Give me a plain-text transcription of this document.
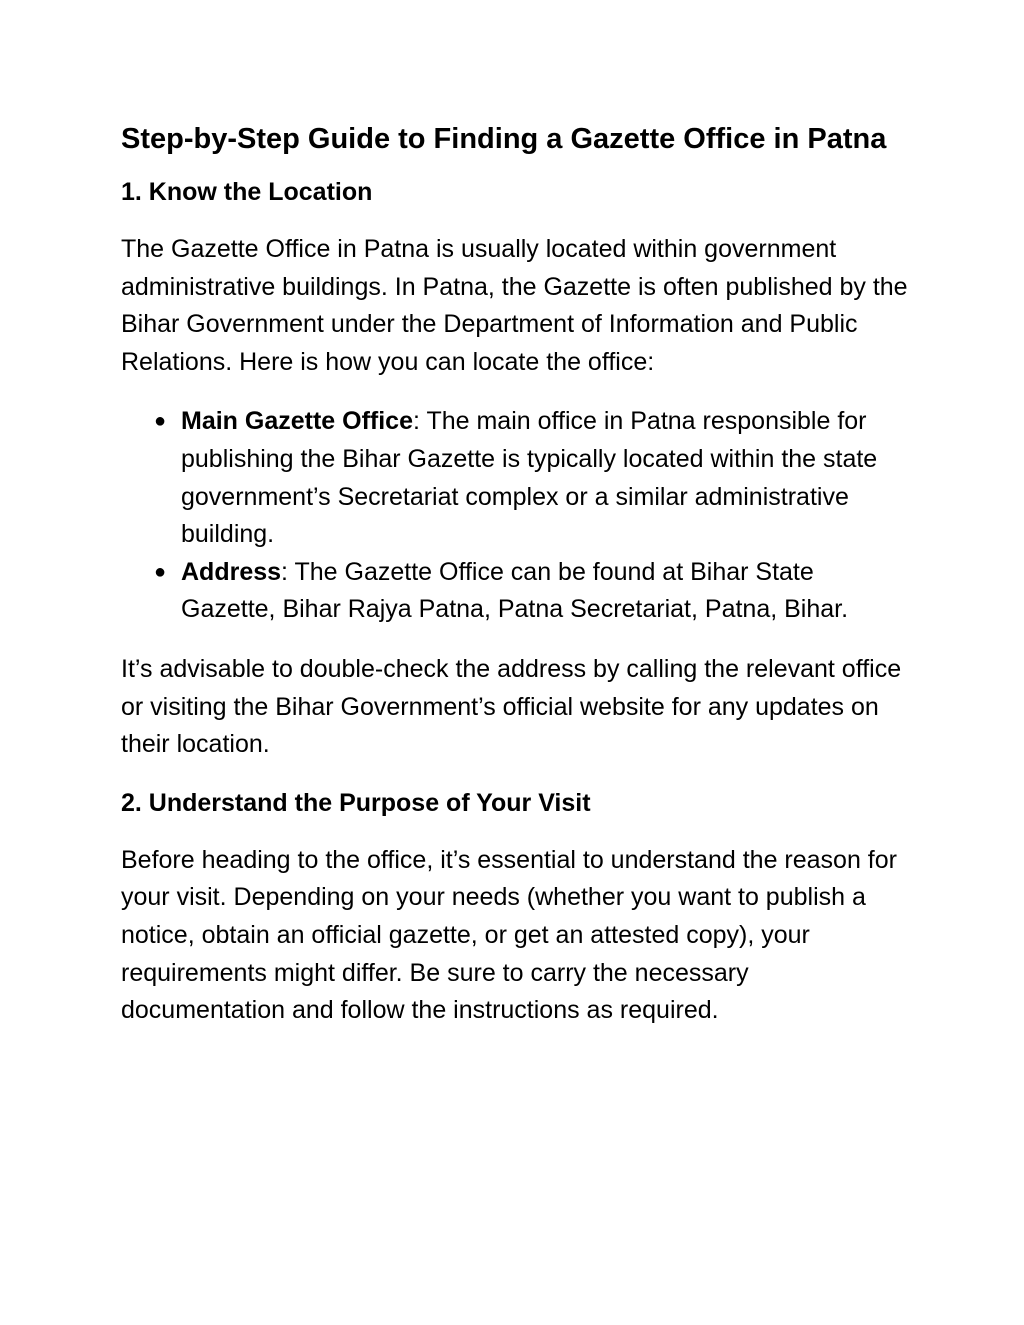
Step-by-Step Guide to Finding a Gazette Office in Patna
1. Know the Location

The Gazette Office in Patna is usually located within government administrative buildings. In Patna, the Gazette is often published by the Bihar Government under the Department of Information and Public Relations. Here is how you can locate the office:

● Main Gazette Office: The main office in Patna responsible for publishing the Bihar Gazette is typically located within the state government’s Secretariat complex or a similar administrative building.
● Address: The Gazette Office can be found at Bihar State Gazette, Bihar Rajya Patna, Patna Secretariat, Patna, Bihar.

It’s advisable to double-check the address by calling the relevant office or visiting the Bihar Government’s official website for any updates on their location.

2. Understand the Purpose of Your Visit

Before heading to the office, it’s essential to understand the reason for your visit. Depending on your needs (whether you want to publish a notice, obtain an official gazette, or get an attested copy), your requirements might differ. Be sure to carry the necessary documentation and follow the instructions as required.
